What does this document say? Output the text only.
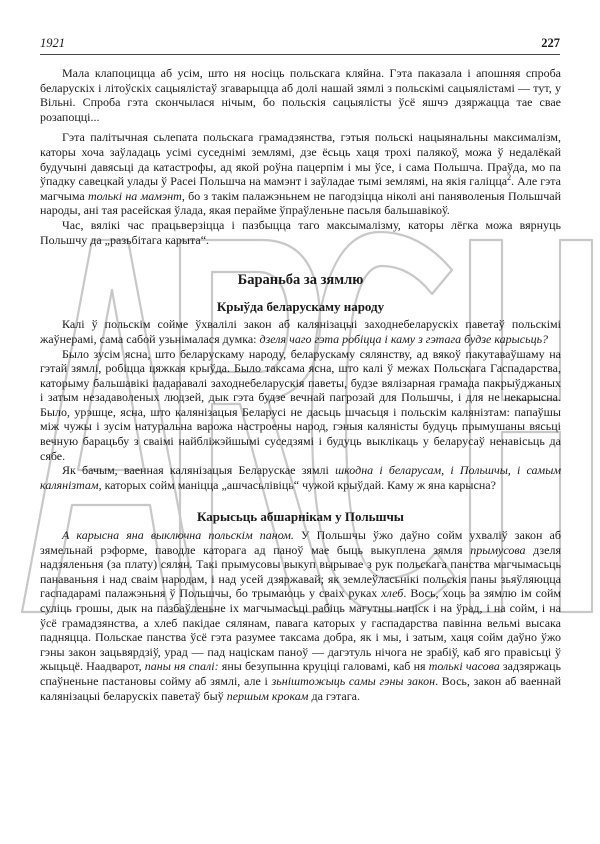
1921	227

Мала клапоцицца аб усім, што ня носіць польскага кляйна. Гэта паказала і апошняя спроба беларускіх і літоўскіх сацыялістаў згаварыцца аб долі нашай зямлі з польскімі сацыялістамі — тут, у Вільні. Спроба гэта скончылася нічым, бо польскія сацыялісты ўсё яшчэ дзяржацца тае свае розапоцці...

Гэта палітычная сьлепата польскага грамадзянства, гэтыя польскі нацыянальны максималізм, каторы хоча заўладаць усімі суседнімі землямі, дзе ёсьць хаця трохі палякоў, можа ў недалёкай будучыні давясьці да катастрофы, ад якой роўна пацерпім і мы ўсе, і сама Польшча. Праўда, мо па ўпадку савецкай улады ў Расеі Польшча на мамэнт і заўладае тымі землямі, на якія галіцца$^2$. Але гэта магчыма толькі на мамэнт, бо з такім палажэньнем не пагодзіцца ніколі ані паняволеныя Польшчай народы, ані тая расейская ўлада, якая перайме ўпраўленьне пасьля бальшавікоў.

Час, вялікі час працьверзіцца і пазбыцца таго максымалізму, каторы лёгка можа вярнуць Польшчу да „разьбітага карыта“.

Бараньба за зямлю
Крыўда беларускаму народу

Калі ў польскім сойме ўхвалілі закон аб калянізацыі заходнебеларускіх паветаў польскімі жаўнерамі, сама сабой узьнімалася думка: дзеля чаго гэта робіцца і каму з гэтага будзе карысьць?

Было зусім ясна, што беларускаму народу, беларускаму сялянству, ад вякоў пакутаваўшаму на гэтай зямлі, робіцца цяжкая крыўда. Было таксама ясна, што калі ў межах Польскага Гаспадарства, каторыму бальшавікі падаравалі заходнебеларускія паветы, будзе вялізарная грамада пакрыўджаных і затым незадаволеных людзей, дык гэта будзе вечнай пагрозай для Польшчы, і для не некарысна. Было, урэшце, ясна, што калянізацыя Беларусі не дасьць шчасьця і польскім калянізтам: папаўшы між чужы і зусім натуральна варожа настроены народ, гэныя каляністы будуць прымушаны вясьці вечную барацьбу з сваімі найбліжэйшымі суседзямі і будуць выклікаць у беларусаў ненавісьць да сябе.

Як бачым, ваенная калянізацыя Беларускае зямлі шкодна і беларусам, і Польшчы, і самым калянізтам, каторых сойм маніцца „ашчасьлівіць“ чужой крыўдай. Каму ж яна карысна?

Карысьць абшарнікам у Польшчы

А карысна яна выключна польскім паном. У Польшчы ўжо даўно сойм ухваліў закон аб зямельнай рэформе, паводле каторага ад паноў мае быць выкуплена зямля прымусова дзеля надзяленьня (за плату) сялян. Такі прымусовы выкуп вырывае з рук польскага панства магчымасьць панаваньня і над сваім народам, і над усей дзяржавай; як землеўласьнікі польскія паны зьяўляюцца гаспадарамі палажэньня ў Польшчы, бо трымаюць у сваіх руках хлеб. Вось, хоць за зямлю ім сойм суліць грошы, дык на пазбаўленьне іх магчымасьці рабіць магутны націск і на ўрад, і на сойм, і на ўсё грамадзянства, а хлеб пакідае сялянам, павага каторых у гаспадарства павінна вельмі высака падняцца. Польскае панства ўсё гэта разумее таксама добра, як і мы, і затым, хаця сойм даўно ўжо гэны закон зацьвярдзіў, урад — пад націскам паноў — дагэтуль нічога не зрабіў, каб яго правісьці ў жыцьцё. Наадварот, паны ня спалі: яны безупынна круціці галовамі, каб ня толькі часова задзяржаць спаўненьне пастановы сойму аб зямлі, але і зьніштожыць самы гэны закон. Вось, закон аб ваеннай калянізацыі беларускіх паветаў быў першым крокам да гэтага.
